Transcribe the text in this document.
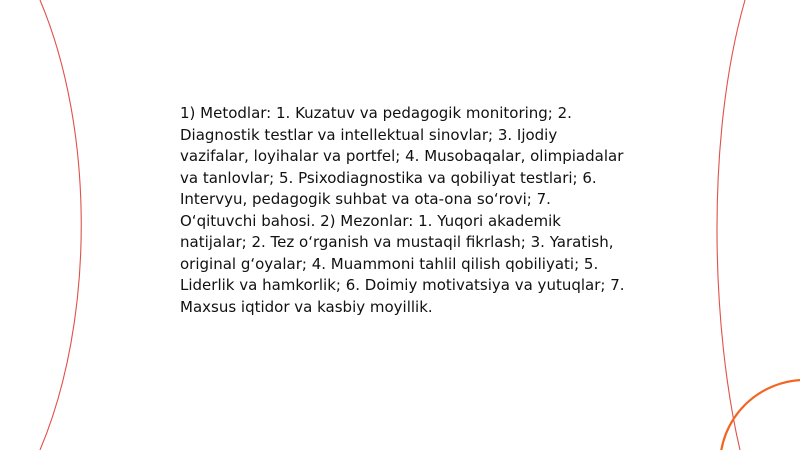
1) Metodlar: 1. Kuzatuv va pedagogik monitoring; 2. Diagnostik testlar va intellektual sinovlar; 3. Ijodiy vazifalar, loyihalar va portfel; 4. Musobaqalar, olimpiadalar va tanlovlar; 5. Psixodiagnostika va qobiliyat testlari; 6. Intervyu, pedagogik suhbat va ota-ona so‘rovi; 7. O‘qituvchi bahosi. 2) Mezonlar: 1. Yuqori akademik natijalar; 2. Tez o‘rganish va mustaqil fikrlash; 3. Yaratish, original g‘oyalar; 4. Muammoni tahlil qilish qobiliyati; 5. Liderlik va hamkorlik; 6. Doimiy motivatsiya va yutuqlar; 7. Maxsus iqtidor va kasbiy moyillik.
